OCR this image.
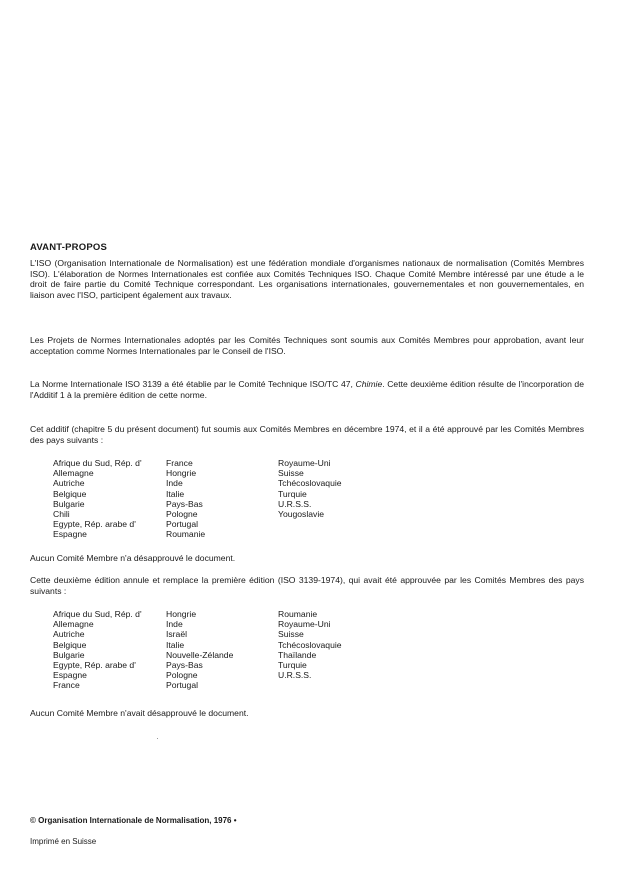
AVANT-PROPOS

L'ISO (Organisation Internationale de Normalisation) est une fédération mondiale d'organismes nationaux de normalisation (Comités Membres ISO). L'élaboration de Normes Internationales est confiée aux Comités Techniques ISO. Chaque Comité Membre intéressé par une étude a le droit de faire partie du Comité Technique correspondant. Les organisations internationales, gouvernementales et non gouvernementales, en liaison avec l'ISO, participent également aux travaux.

Les Projets de Normes Internationales adoptés par les Comités Techniques sont soumis aux Comités Membres pour approbation, avant leur acceptation comme Normes Internationales par le Conseil de l'ISO.

La Norme Internationale ISO 3139 a été établie par le Comité Technique ISO/TC 47, Chimie. Cette deuxième édition résulte de l'incorporation de l'Additif 1 à la première édition de cette norme.

Cet additif (chapitre 5 du présent document) fut soumis aux Comités Membres en décembre 1974, et il a été approuvé par les Comités Membres des pays suivants :

Afrique du Sud, Rép. d'
Allemagne
Autriche
Belgique
Bulgarie
Chili
Egypte, Rép. arabe d'
Espagne
France
Hongrie
Inde
Italie
Pays-Bas
Pologne
Portugal
Roumanie
Royaume-Uni
Suisse
Tchécoslovaquie
Turquie
U.R.S.S.
Yougoslavie

Aucun Comité Membre n'a désapprouvé le document.

Cette deuxième édition annule et remplace la première édition (ISO 3139-1974), qui avait été approuvée par les Comités Membres des pays suivants :

Afrique du Sud, Rép. d'
Allemagne
Autriche
Belgique
Bulgarie
Egypte, Rép. arabe d'
Espagne
France
Hongrie
Inde
Israël
Italie
Nouvelle-Zélande
Pays-Bas
Pologne
Portugal
Roumanie
Royaume-Uni
Suisse
Tchécoslovaquie
Thaïlande
Turquie
U.R.S.S.

Aucun Comité Membre n'avait désapprouvé le document.

© Organisation Internationale de Normalisation, 1976 •
Imprimé en Suisse
